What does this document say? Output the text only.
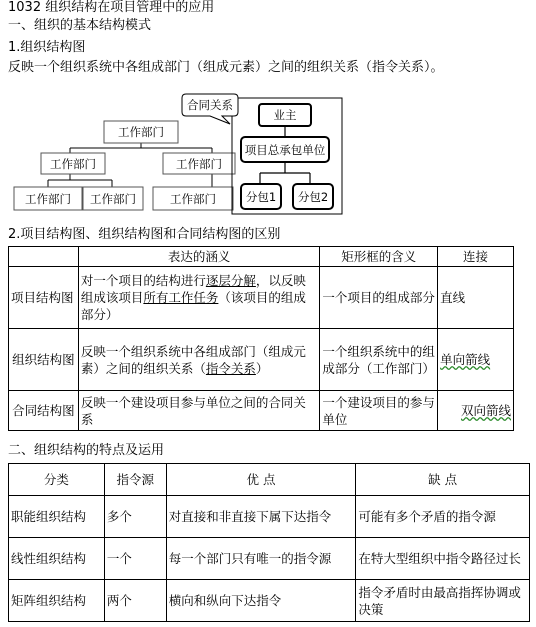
1032 组织结构在项目管理中的应用
一、组织的基本结构模式
1.组织结构图
反映一个组织系统中各组成部门（组成元素）之间的组织关系（指令关系）。
工作部门
工作部门	工作部门
工作部门 工作部门	工作部门
合同关系
业主
项目总承包单位
分包1 分包2
2.项目结构图、组织结构图和合同结构图的区别
	表达的涵义	矩形框的含义	连接
项目结构图	对一个项目的结构进行逐层分解，以反映组成该项目所有工作任务（该项目的组成部分）	一个项目的组成部分	直线
组织结构图	反映一个组织系统中各组成部门（组成元素）之间的组织关系（指令关系）	一个组织系统中的组成部分（工作部门）	单向箭线
合同结构图	反映一个建设项目参与单位之间的合同关系	一个建设项目的参与单位	双向箭线
二、组织结构的特点及运用
分类	指令源	优 点	缺 点
职能组织结构	多个	对直接和非直接下属下达指令	可能有多个矛盾的指令源
线性组织结构	一个	每一个部门只有唯一的指令源	在特大型组织中指令路径过长
矩阵组织结构	两个	横向和纵向下达指令	指令矛盾时由最高指挥协调或决策
